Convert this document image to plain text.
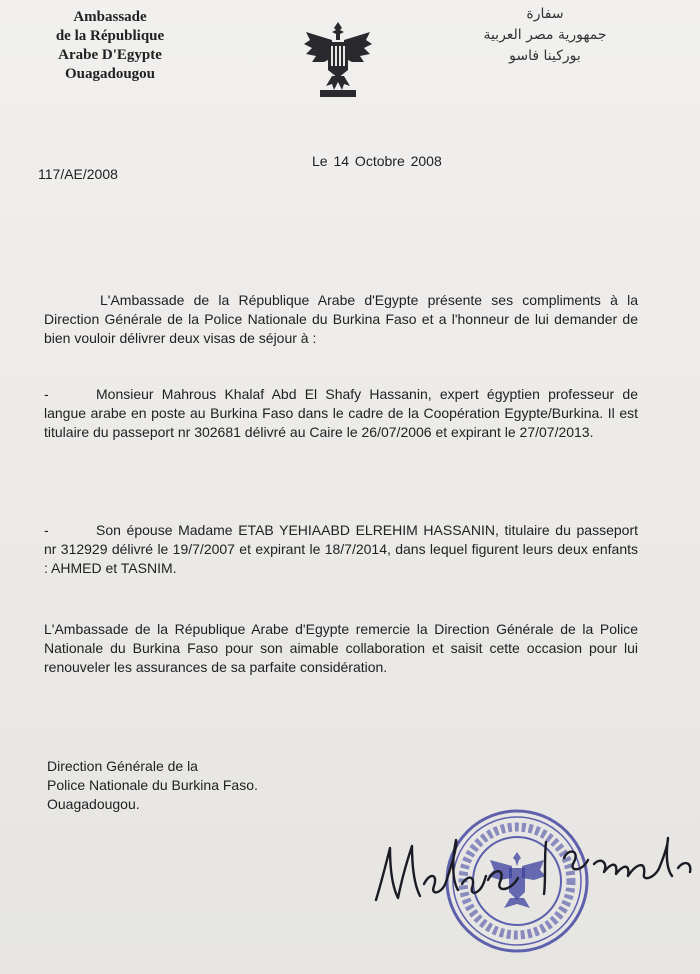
Ambassade
de la République
Arabe D'Egypte
Ouagadougou
سفارة
جمهورية مصر العربية
بوركينا فاسو
117/AE/2008
Le 14 Octobre 2008
L'Ambassade de la République Arabe d'Egypte présente ses compliments à la Direction Générale de la Police Nationale du Burkina Faso et a l'honneur de lui demander de bien vouloir délivrer deux visas de séjour à :
-	Monsieur Mahrous Khalaf Abd El Shafy Hassanin, expert égyptien professeur de langue arabe en poste au Burkina Faso dans le cadre de la Coopération Egypte/Burkina. Il est titulaire du passeport nr 302681 délivré au Caire le 26/07/2006 et expirant le 27/07/2013.
-	Son épouse Madame ETAB YEHIAABD ELREHIM HASSANIN, titulaire du passeport nr 312929 délivré le 19/7/2007 et expirant le 18/7/2014, dans lequel figurent leurs deux enfants : AHMED et TASNIM.
L'Ambassade de la République Arabe d'Egypte remercie la Direction Générale de la Police Nationale du Burkina Faso pour son aimable collaboration et saisit cette occasion pour lui renouveler les assurances de sa parfaite considération.
Direction Générale de la
Police Nationale du Burkina Faso.
Ouagadougou.
